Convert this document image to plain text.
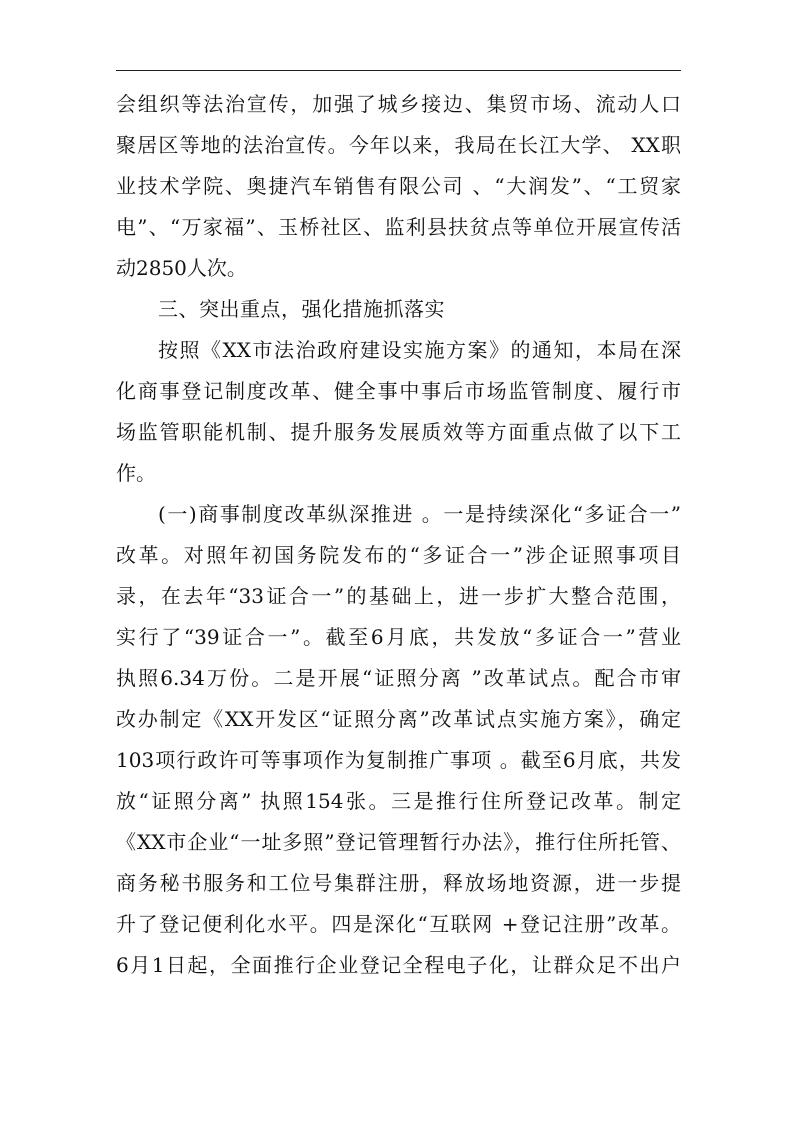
会组织等法治宣传，加强了城乡接边、集贸市场、流动人口
聚居区等地的法治宣传。今年以来，我局在长江大学、 XX职
业技术学院、奥捷汽车销售有限公司 、“大润发”、“工贸家
电”、“万家福”、玉桥社区、监利县扶贫点等单位开展宣传活
动2850人次。
三、突出重点，强化措施抓落实
按照《XX市法治政府建设实施方案》的通知，本局在深
化商事登记制度改革、健全事中事后市场监管制度、履行市
场监管职能机制、提升服务发展质效等方面重点做了以下工
作。
(一)商事制度改革纵深推进 。一是持续深化“多证合一”
改革。对照年初国务院发布的“多证合一”涉企证照事项目
录，在去年“33证合一”的基础上，进一步扩大整合范围，
实行了“39证合一”。截至6月底，共发放“多证合一”营业
执照6.34万份。二是开展“证照分离 ”改革试点。配合市审
改办制定《XX开发区“证照分离”改革试点实施方案》，确定
103项行政许可等事项作为复制推广事项 。截至6月底，共发
放“证照分离” 执照154张。三是推行住所登记改革。制定
《XX市企业“一址多照”登记管理暂行办法》，推行住所托管、
商务秘书服务和工位号集群注册，释放场地资源，进一步提
升了登记便利化水平。四是深化“互联网 +登记注册”改革。
6月1日起，全面推行企业登记全程电子化，让群众足不出户
